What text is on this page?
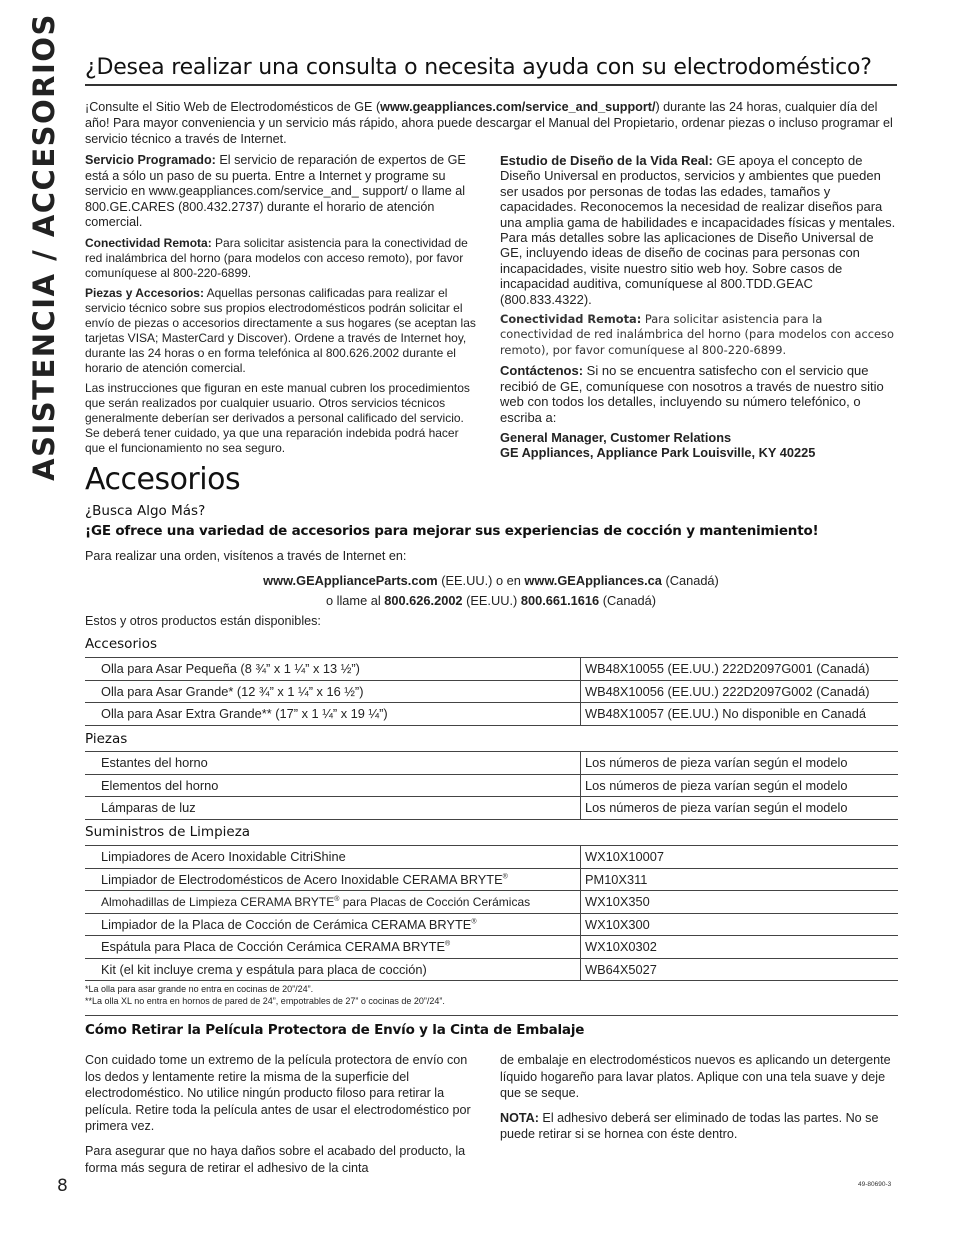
ASISTENCIA / ACCESORIOS ¿Desea realizar una consulta o necesita ayuda con su electrodoméstico?

¡Consulte el Sitio Web de Electrodomésticos de GE (www.geappliances.com/service_and_support/) durante las 24 horas, cualquier día del año! Para mayor conveniencia y un servicio más rápido, ahora puede descargar el Manual del Propietario, ordenar piezas o incluso programar el servicio técnico a través de Internet.

Servicio Programado: El servicio de reparación de expertos de GE está a sólo un paso de su puerta. Entre a Internet y programe su servicio en www.geappliances.com/service_and_ support/ o llame al 800.GE.CARES (800.432.2737) durante el horario de atención comercial.

Conectividad Remota: Para solicitar asistencia para la conectividad de red inalámbrica del horno (para modelos con acceso remoto), por favor comuníquese al 800-220-6899.

Piezas y Accesorios: Aquellas personas calificadas para realizar el servicio técnico sobre sus propios electrodomésticos podrán solicitar el envío de piezas o accesorios directamente a sus hogares (se aceptan las tarjetas VISA; MasterCard y Discover). Ordene a través de Internet hoy, durante las 24 horas o en forma telefónica al 800.626.2002 durante el horario de atención comercial.

Las instrucciones que figuran en este manual cubren los procedimientos que serán realizados por cualquier usuario. Otros servicios técnicos generalmente deberían ser derivados a personal calificado del servicio. Se deberá tener cuidado, ya que una reparación indebida podrá hacer que el funcionamiento no sea seguro.

Estudio de Diseño de la Vida Real: GE apoya el concepto de Diseño Universal en productos, servicios y ambientes que pueden ser usados por personas de todas las edades, tamaños y capacidades. Reconocemos la necesidad de realizar diseños para una amplia gama de habilidades e incapacidades físicas y mentales. Para más detalles sobre las aplicaciones de Diseño Universal de GE, incluyendo ideas de diseño de cocinas para personas con incapacidades, visite nuestro sitio web hoy. Sobre casos de incapacidad auditiva, comuníquese al 800.TDD.GEAC (800.833.4322).

Conectividad Remota: Para solicitar asistencia para la conectividad de red inalámbrica del horno (para modelos con acceso remoto), por favor comuníquese al 800-220-6899.

Contáctenos: Si no se encuentra satisfecho con el servicio que recibió de GE, comuníquese con nosotros a través de nuestro sitio web con todos los detalles, incluyendo su número telefónico, o escriba a:

General Manager, Customer Relations
GE Appliances, Appliance Park Louisville, KY 40225
Accesorios
¿Busca Algo Más?
¡GE ofrece una variedad de accesorios para mejorar sus experiencias de cocción y mantenimiento!
Para realizar una orden, visítenos a través de Internet en:
www.GEApplianceParts.com (EE.UU.) o en www.GEAppliances.ca (Canadá)
o llame al 800.626.2002 (EE.UU.) 800.661.1616 (Canadá)
Estos y otros productos están disponibles:
Accesorios
Olla para Asar Pequeña (8 ¾” x 1 ¼” x 13 ½”)	WB48X10055 (EE.UU.) 222D2097G001 (Canadá)
Olla para Asar Grande* (12 ¾” x 1 ¼” x 16 ½”)	WB48X10056 (EE.UU.) 222D2097G002 (Canadá)
Olla para Asar Extra Grande** (17” x 1 ¼” x 19 ¼”)	WB48X10057 (EE.UU.) No disponible en Canadá
Piezas
Estantes del horno	Los números de pieza varían según el modelo
Elementos del horno	Los números de pieza varían según el modelo
Lámparas de luz	Los números de pieza varían según el modelo
Suministros de Limpieza
Limpiadores de Acero Inoxidable CitriShine	WX10X10007
Limpiador de Electrodomésticos de Acero Inoxidable CERAMA BRYTE®	PM10X311
Almohadillas de Limpieza CERAMA BRYTE® para Placas de Cocción Cerámicas	WX10X350
Limpiador de la Placa de Cocción de Cerámica CERAMA BRYTE®	WX10X300
Espátula para Placa de Cocción Cerámica CERAMA BRYTE®	WX10X0302
Kit (el kit incluye crema y espátula para placa de cocción)	WB64X5027
*La olla para asar grande no entra en cocinas de 20”/24”.
**La olla XL no entra en hornos de pared de 24”, empotrables de 27” o cocinas de 20”/24”.
Cómo Retirar la Película Protectora de Envío y la Cinta de Embalaje

Con cuidado tome un extremo de la película protectora de envío con los dedos y lentamente retire la misma de la superficie del electrodoméstico. No utilice ningún producto filoso para retirar la película. Retire toda la película antes de usar el electrodoméstico por primera vez.

Para asegurar que no haya daños sobre el acabado del producto, la forma más segura de retirar el adhesivo de la cinta

de embalaje en electrodomésticos nuevos es aplicando un detergente líquido hogareño para lavar platos. Aplique con una tela suave y deje que se seque.

NOTA: El adhesivo deberá ser eliminado de todas las partes. No se puede retirar si se hornea con éste dentro.

8	49-80690-3
